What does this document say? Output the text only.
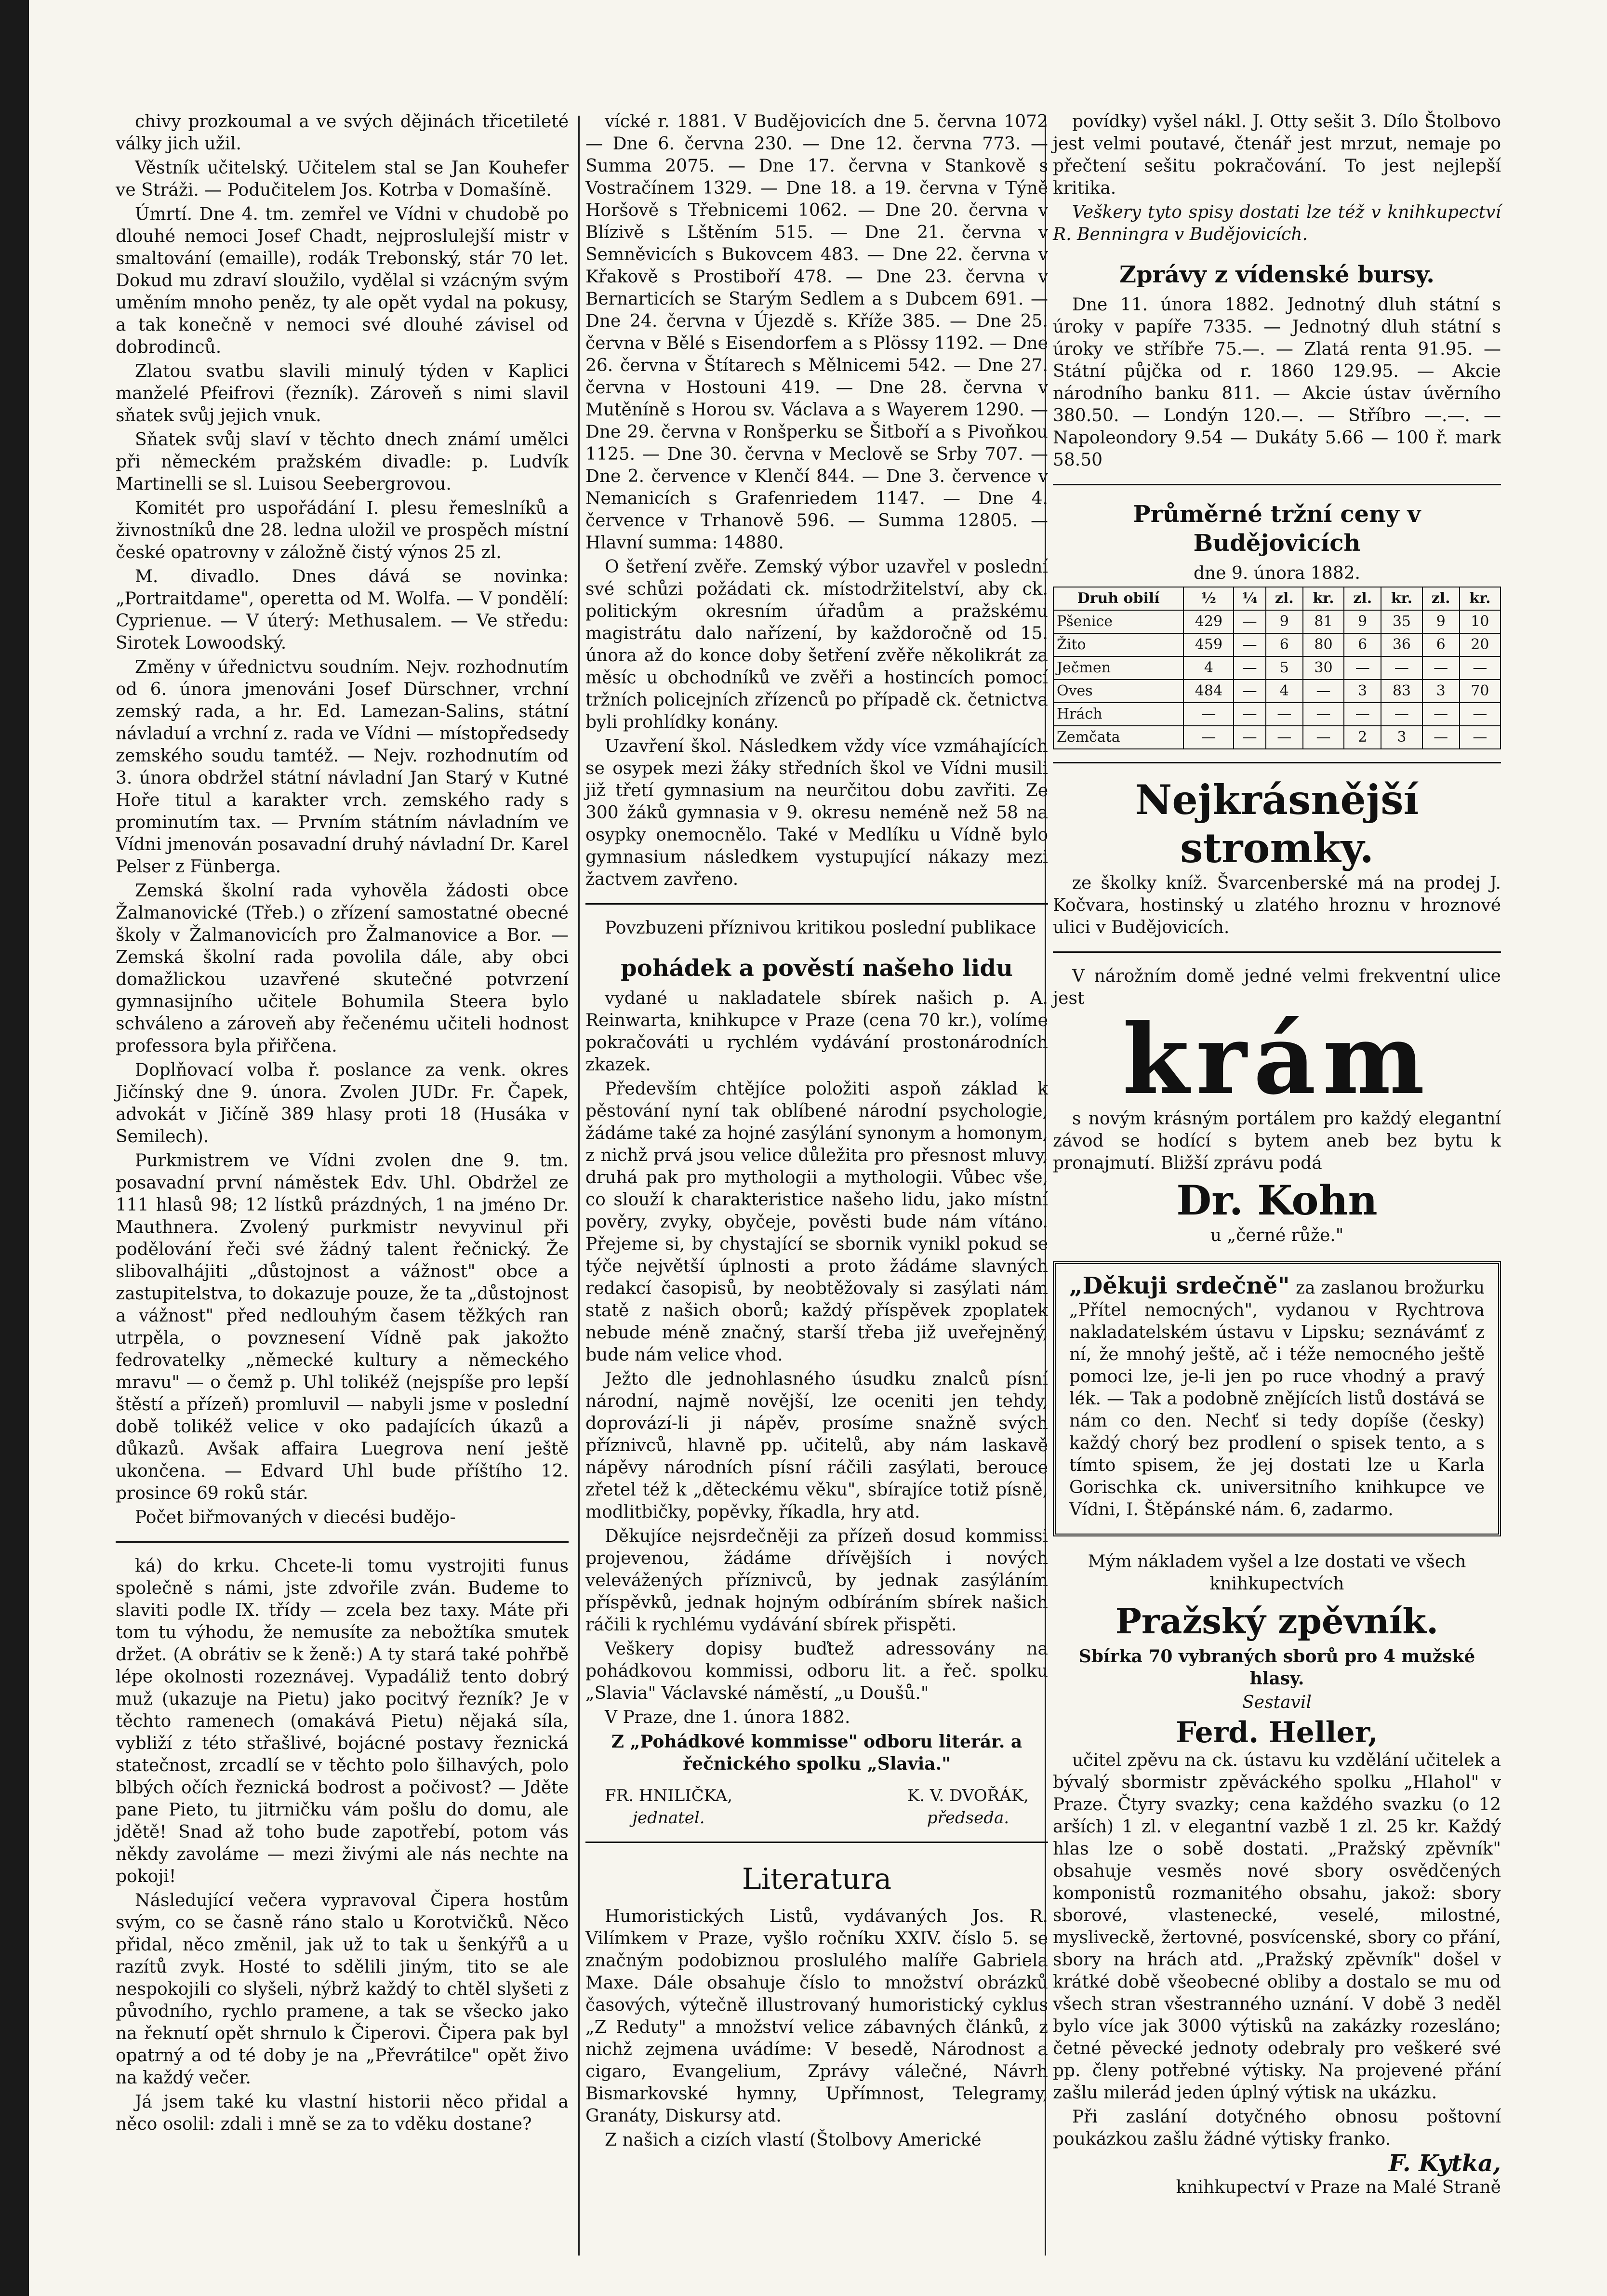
chivy prozkoumal a ve svých dějinách třicetileté války jich užil.

Věstník učitelský. Učitelem stal se Jan Kouhefer ve Stráži. — Podučitelem Jos. Kotrba v Domašíně.

Úmrtí. Dne 4. tm. zemřel ve Vídni v chudobě po dlouhé nemoci Josef Chadt, nejproslulejší mistr v smaltování (emaille), rodák Trebonský, stár 70 let. Dokud mu zdraví sloužilo, vydělal si vzácným svým uměním mnoho peněz, ty ale opět vydal na pokusy, a tak konečně v nemoci své dlouhé závisel od dobrodinců.

Zlatou svatbu slavili minulý týden v Kaplici manželé Pfeifrovi (řezník). Zároveň s nimi slavil sňatek svůj jejich vnuk.

Sňatek svůj slaví v těchto dnech známí umělci při německém pražském divadle: p. Ludvík Martinelli se sl. Luisou Seebergrovou.

Komitét pro uspořádání I. plesu řemeslníků a živnostníků dne 28. ledna uložil ve prospěch místní české opatrovny v záložně čistý výnos 25 zl.

M. divadlo. Dnes dává se novinka: „Portraitdame", operetta od M. Wolfa. — V pondělí: Cyprienue. — V úterý: Methusalem. — Ve středu: Sirotek Lowoodský.

Změny v úřednictvu soudním. Nejv. rozhodnutím od 6. února jmenováni Josef Dürschner, vrchní zemský rada, a hr. Ed. Lamezan-Salins, státní návladuí a vrchní z. rada ve Vídni — místopředsedy zemského soudu tamtéž. — Nejv. rozhodnutím od 3. února obdržel státní návladní Jan Starý v Kutné Hoře titul a karakter vrch. zemského rady s prominutím tax. — Prvním státním návladním ve Vídni jmenován posavadní druhý návladní Dr. Karel Pelser z Fünberga.

Zemská školní rada vyhověla žádosti obce Žalmanovické (Třeb.) o zřízení samostatné obecné školy v Žalmanovicích pro Žalmanovice a Bor. — Zemská školní rada povolila dále, aby obci domažlickou uzavřené skutečné potvrzení gymnasijního učitele Bohumila Steera bylo schváleno a zároveň aby řečenému učiteli hodnost professora byla přiřčena.

Doplňovací volba ř. poslance za venk. okres Jičínský dne 9. února. Zvolen JUDr. Fr. Čapek, advokát v Jičíně 389 hlasy proti 18 (Husáka v Semilech).

Purkmistrem ve Vídni zvolen dne 9. tm. posavadní první náměstek Edv. Uhl. Obdržel ze 111 hlasů 98; 12 lístků prázdných, 1 na jméno Dr. Mauthnera. Zvolený purkmistr nevyvinul při podělování řeči své žádný talent řečnický. Že slibovalhájiti „důstojnost a vážnost" obce a zastupitelstva, to dokazuje pouze, že ta „důstojnost a vážnost" před nedlouhým časem těžkých ran utrpěla, o povznesení Vídně pak jakožto fedrovatelky „německé kultury a německého mravu" — o čemž p. Uhl tolikéž (nejspíše pro lepší štěstí a přízeň) promluvil — nabyli jsme v poslední době tolikéž velice v oko padajících úkazů a důkazů. Avšak affaira Luegrova není ještě ukončena. — Edvard Uhl bude příštího 12. prosince 69 roků stár.

Počet biřmovaných v diecési budějo-

ká) do krku. Chcete-li tomu vystrojiti funus společně s námi, jste zdvořile zván. Budeme to slaviti podle IX. třídy — zcela bez taxy. Máte při tom tu výhodu, že nemusíte za nebožtíka smutek držet. (A obrátiv se k ženě:) A ty stará také pohřbě lépe okolnosti rozeznávej. Vypadáliž tento dobrý muž (ukazuje na Pietu) jako pocitvý řezník? Je v těchto ramenech (omakává Pietu) nějaká síla, vybliží z této střašlivé, bojácné postavy řeznická statečnost, zrcadlí se v těchto polo šilhavých, polo blbých očích řeznická bodrost a počivost? — Jděte pane Pieto, tu jitrničku vám pošlu do domu, ale jdětě! Snad až toho bude zapotřebí, potom vás někdy zavoláme — mezi živými ale nás nechte na pokoji!

Následující večera vypravoval Čipera hostům svým, co se časně ráno stalo u Korotvičků. Něco přidal, něco změnil, jak už to tak u šenkýřů a u razítů zvyk. Hosté to sdělili jiným, tito se ale nespokojili co slyšeli, nýbrž každý to chtěl slyšeti z původního, rychlo pramene, a tak se všecko jako na řeknutí opět shrnulo k Čiperovi. Čipera pak byl opatrný a od té doby je na „Převrátilce" opět živo na každý večer.

Já jsem také ku vlastní historii něco přidal a něco osolil: zdali i mně se za to vděku dostane?

vícké r. 1881. V Budějovicích dne 5. června 1072 — Dne 6. června 230. — Dne 12. června 773. — Summa 2075. — Dne 17. června v Stankově s Vostračínem 1329. — Dne 18. a 19. června v Týně Horšově s Třebnicemi 1062. — Dne 20. června v Blízivě s Lštěním 515. — Dne 21. června v Semněvicích s Bukovcem 483. — Dne 22. června v Křakově s Prostiboří 478. — Dne 23. června v Bernarticích se Starým Sedlem a s Dubcem 691. — Dne 24. června v Újezdě s. Kříže 385. — Dne 25. června v Bělé s Eisendorfem a s Plössy 1192. — Dne 26. června v Štítarech s Mělnicemi 542. — Dne 27. června v Hostouni 419. — Dne 28. června v Mutěníně s Horou sv. Václava a s Wayerem 1290. — Dne 29. června v Ronšperku se Šitboří a s Pivoňkou 1125. — Dne 30. června v Meclově se Srby 707. — Dne 2. července v Klenčí 844. — Dne 3. července v Nemanicích s Grafenriedem 1147. — Dne 4. července v Trhanově 596. — Summa 12805. — Hlavní summa: 14880.

O šetření zvěře. Zemský výbor uzavřel v poslední své schůzi požádati ck. místodržitelství, aby ck. politickým okresním úřadům a pražskému magistrátu dalo nařízení, by každoročně od 15. února až do konce doby šetření zvěře několikrát za měsíc u obchodníků ve zvěři a hostincích pomocí tržních policejních zřízenců po případě ck. četnictva byli prohlídky konány.

Uzavření škol. Následkem vždy více vzmáhajících se osypek mezi žáky středních škol ve Vídni musili již třetí gymnasium na neurčitou dobu zavřiti. Ze 300 žáků gymnasia v 9. okresu neméně než 58 na osypky onemocnělo. Také v Medlíku u Vídně bylo gymnasium následkem vystupující nákazy mezi žactvem zavřeno.

Povzbuzeni příznivou kritikou poslední publikace

pohádek a pověstí našeho lidu

vydané u nakladatele sbírek našich p. A. Reinwarta, knihkupce v Praze (cena 70 kr.), volíme pokračováti u rychlém vydávání prostonárodních zkazek.

Především chtějíce položiti aspoň základ k pěstování nyní tak oblíbené národní psychologie, žádáme také za hojné zasýlání synonym a homonym, z nichž prvá jsou velice důležita pro přesnost mluvy, druhá pak pro mythologii a mythologii. Vůbec vše, co slouží k charakteristice našeho lidu, jako místní pověry, zvyky, obyčeje, pověsti bude nám vítáno. Přejeme si, by chystající se sbornik vynikl pokud se týče největší úplnosti a proto žádáme slavných redakcí časopisů, by neobtěžovaly si zasýlati nám statě z našich oborů; každý příspěvek zpoplatek nebude méně značný, starší třeba již uveřejněný, bude nám velice vhod.

Ježto dle jednohlasného úsudku znalců písní národní, najmě novější, lze oceniti jen tehdy, doprovází-li ji nápěv, prosíme snažně svých příznivců, hlavně pp. učitelů, aby nám laskavě nápěvy národních písní ráčili zasýlati, berouce zřetel též k „děteckému věku", sbírajíce totiž písně, modlitbičky, popěvky, říkadla, hry atd.

Děkujíce nejsrdečněji za přízeň dosud kommissi projevenou, žádáme dřívějších i nových velevážených příznivců, by jednak zasýláním příspěvků, jednak hojným odbíráním sbírek našich ráčili k rychlému vydávání sbírek přispěti.

Veškery dopisy buďtež adressovány na pohádkovou kommissi, odboru lit. a řeč. spolku „Slavia" Václavské náměstí, „u Doušů."

V Praze, dne 1. února 1882.

Z „Pohádkové kommisse" odboru literár. a řečnického spolku „Slavia."

FR. HNILIČKA,
jednatel.
K. V. DVOŘÁK,
předseda.
Literatura

Humoristických Listů, vydávaných Jos. R. Vilímkem v Praze, vyšlo ročníku XXIV. číslo 5. se značným podobiznou proslulého malíře Gabriela Maxe. Dále obsahuje číslo to množství obrázků časových, výtečně illustrovaný humoristický cyklus „Z Reduty" a množství velice zábavných článků, z nichž zejmena uvádíme: V besedě, Národnost a cigaro, Evangelium, Zprávy válečné, Návrh Bismarkovské hymny, Upřímnost, Telegramy, Granáty, Diskursy atd.

Z našich a cizích vlastí (Štolbovy Americké

povídky) vyšel nákl. J. Otty sešit 3. Dílo Štolbovo jest velmi poutavé, čtenář jest mrzut, nemaje po přečtení sešitu pokračování. To jest nejlepší kritika.

Veškery tyto spisy dostati lze též v knihkupectví R. Benningra v Budějovicích.

Zprávy z vídenské bursy.

Dne 11. února 1882. Jednotný dluh státní s úroky v papíře 7335. — Jednotný dluh státní s úroky ve stříbře 75.—. — Zlatá renta 91.95. — Státní půjčka od r. 1860 129.95. — Akcie národního banku 811. — Akcie ústav úvěrního 380.50. — Londýn 120.—. — Stříbro —.—. — Napoleondory 9.54 — Dukáty 5.66 — 100 ř. mark 58.50

Průměrné tržní ceny v Budějovicích

dne 9. února 1882.

Druh obilí	½	¼	zl.	kr.	zl.	kr.	zl.	kr.
Pšenice	429	—	9	81	9	35	9	10
Žito	459	—	6	80	6	36	6	20
Ječmen	4	—	5	30	—	—	—	—
Oves	484	—	4	—	3	83	3	70
Hrách	—	—	—	—	—	—	—	—
Zemčata	—	—	—	—	2	3	—	—
Nejkrásnější stromky.

ze školky kníž. Švarcenberské má na prodej J. Kočvara, hostinský u zlatého hroznu v hroznové ulici v Budějovicích.

V nárožním domě jedné velmi frekventní ulice jest

krám

s novým krásným portálem pro každý elegantní závod se hodící s bytem aneb bez bytu k pronajmutí. Bližší zprávu podá

Dr. Kohn

u „černé růže."

„Děkuji srdečně" za zaslanou brožurku „Přítel nemocných", vydanou v Rychtrova nakladatelském ústavu v Lipsku; seznávámť z ní, že mnohý ještě, ač i téže nemocného ještě pomoci lze, je-li jen po ruce vhodný a pravý lék. — Tak a podobně znějících listů dostává se nám co den. Nechť si tedy dopíše (česky) každý chorý bez prodlení o spisek tento, a s tímto spisem, že jej dostati lze u Karla Gorischka ck. universitního knihkupce ve Vídni, I. Štěpánské nám. 6, zadarmo.

Mým nákladem vyšel a lze dostati ve všech knihkupectvích

Pražský zpěvník.

Sbírka 70 vybraných sborů pro 4 mužské hlasy.

Sestavil

Ferd. Heller,

učitel zpěvu na ck. ústavu ku vzdělání učitelek a bývalý sbormistr zpěváckého spolku „Hlahol" v Praze. Čtyry svazky; cena každého svazku (o 12 arších) 1 zl. v elegantní vazbě 1 zl. 25 kr. Každý hlas lze o sobě dostati. „Pražský zpěvník" obsahuje vesměs nové sbory osvědčených komponistů rozmanitého obsahu, jakož: sbory sborové, vlastenecké, veselé, milostné, mysliveckě, žertovné, posvícenské, sbory co přání, sbory na hrách atd. „Pražský zpěvník" došel v krátké době všeobecné obliby a dostalo se mu od všech stran všestranného uznání. V době 3 neděl bylo více jak 3000 výtisků na zakázky rozesláno; četné pěvecké jednoty odebraly pro veškeré své pp. členy potřebné výtisky. Na projevené přání zašlu milerád jeden úplný výtisk na ukázku.

Při zaslání dotyčného obnosu poštovní poukázkou zašlu žádné výtisky franko.

F. Kytka,

knihkupectví v Praze na Malé Straně
